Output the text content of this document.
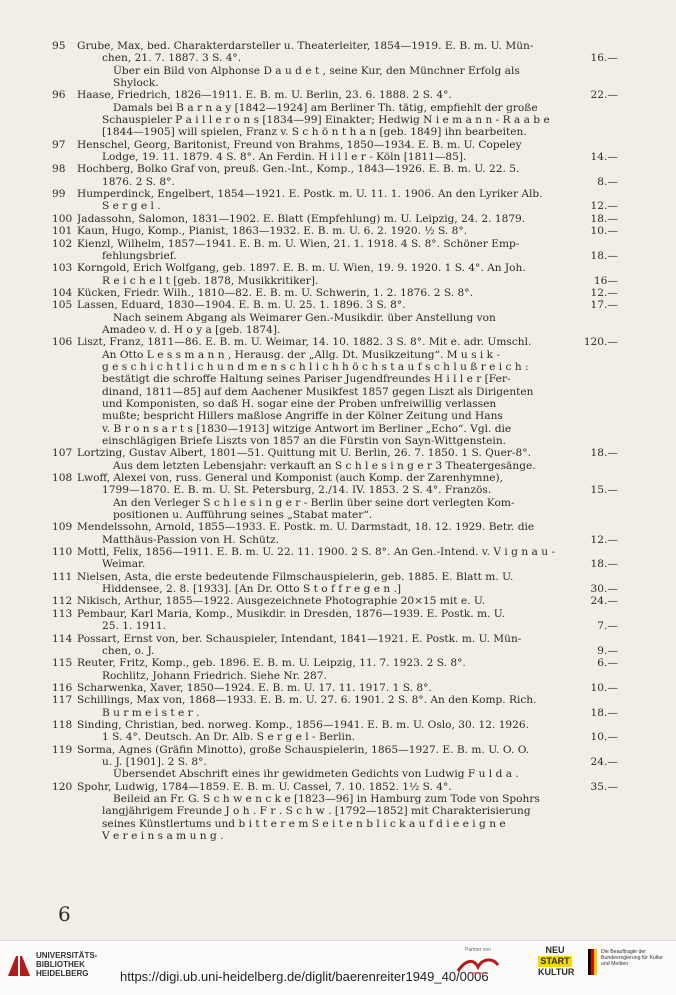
95	Grube, Max, bed. Charakterdarsteller u. Theaterleiter, 1854—1919. E. B. m. U. Mün-
chen, 21. 7. 1887. 3 S. 4°.	16.—
Über ein Bild von Alphonse D a u d e t , seine Kur, den Münchner Erfolg als
Shylock.
96	Haase, Friedrich, 1826—1911. E. B. m. U. Berlin, 23. 6. 1888. 2 S. 4°.	22.—
Damals bei B a r n a y [1842—1924] am Berliner Th. tätig, empfiehlt der große
Schauspieler P a i l l e r o n s [1834—99] Einakter; Hedwig N i e m a n n - R a a b e
[1844—1905] will spielen, Franz v. S c h ö n t h a n [geb. 1849] ihn bearbeiten.
97	Henschel, Georg, Baritonist, Freund von Brahms, 1850—1934. E. B. m. U. Copeley
Lodge, 19. 11. 1879. 4 S. 8°. An Ferdin. H i l l e r - Köln [1811—85].	14.—
98	Hochberg, Bolko Graf von, preuß. Gen.-Int., Komp., 1843—1926. E. B. m. U. 22. 5.
1876. 2 S. 8°.	8.—
99	Humperdinck, Engelbert, 1854—1921. E. Postk. m. U. 11. 1. 1906. An den Lyriker Alb.
S e r g e l .	12.—
100 Jadassohn, Salomon, 1831—1902. E. Blatt (Empfehlung) m. U. Leipzig, 24. 2. 1879.	18.—
101 Kaun, Hugo, Komp., Pianist, 1863—1932. E. B. m. U. 6. 2. 1920. ½ S. 8°.	10.—
102 Kienzl, Wilhelm, 1857—1941. E. B. m. U. Wien, 21. 1. 1918. 4 S. 8°. Schöner Emp-
fehlungsbrief.	18.—
103 Korngold, Erich Wolfgang, geb. 1897. E. B. m. U. Wien, 19. 9. 1920. 1 S. 4°. An Joh.
R e i c h e l t [geb. 1878, Musikkritiker].	16—
104 Kücken, Friedr. Wilh., 1810—82. E. B. m. U. Schwerin, 1. 2. 1876. 2 S. 8°.	12.—
105 Lassen, Eduard, 1830—1904. E. B. m. U. 25. 1. 1896. 3 S. 8°.	17.—
Nach seinem Abgang als Weimarer Gen.-Musikdir. über Anstellung von
Amadeo v. d. H o y a [geb. 1874].
106 Liszt, Franz, 1811—86. E. B. m. U. Weimar, 14. 10. 1882. 3 S. 8°. Mit e. adr. Umschl.	120.—
An Otto L e s s m a n n , Herausg. der „Allg. Dt. Musikzeitung“. M u s i k -
g e s c h i c h t l i c h u n d m e n s c h l i c h h ö c h s t a u f s c h l u ß r e i c h :
bestätigt die schroffe Haltung seines Pariser Jugendfreundes H i l l e r [Fer-
dinand, 1811—85] auf dem Aachener Musikfest 1857 gegen Liszt als Dirigenten
und Komponisten, so daß H. sogar eine der Proben unfreiwillig verlassen
mußte; bespricht Hillers maßlose Angriffe in der Kölner Zeitung und Hans
v. B r o n s a r t s [1830—1913] witzige Antwort im Berliner „Echo“. Vgl. die
einschlägigen Briefe Liszts von 1857 an die Fürstin von Sayn-Wittgenstein.
107 Lortzing, Gustav Albert, 1801—51. Quittung mit U. Berlin, 26. 7. 1850. 1 S. Quer-8°.	18.—
Aus dem letzten Lebensjahr: verkauft an S c h l e s i n g e r 3 Theatergesänge.
108 Lwoff, Alexei von, russ. General und Komponist (auch Komp. der Zarenhymne),
1799—1870. E. B. m. U. St. Petersburg, 2./14. IV. 1853. 2 S. 4°. Französ.	15.—
An den Verleger S c h l e s i n g e r - Berlin über seine dort verlegten Kom-
positionen u. Aufführung seines „Stabat mater“.
109 Mendelssohn, Arnold, 1855—1933. E. Postk. m. U. Darmstadt, 18. 12. 1929. Betr. die
Matthäus-Passion von H. Schütz.	12.—
110 Mottl, Felix, 1856—1911. E. B. m. U. 22. 11. 1900. 2 S. 8°. An Gen.-Intend. v. V i g n a u -
Weimar.	18.—
111 Nielsen, Asta, die erste bedeutende Filmschauspielerin, geb. 1885. E. Blatt m. U.
Hiddensee, 2. 8. [1933]. [An Dr. Otto S t o f f r e g e n .]	30.—
112 Nikisch, Arthur, 1855—1922. Ausgezeichnete Photographie 20×15 mit e. U.	24.—
113 Pembaur, Karl Maria, Komp., Musikdir. in Dresden, 1876—1939. E. Postk. m. U.
25. 1. 1911.	7.—
114 Possart, Ernst von, ber. Schauspieler, Intendant, 1841—1921. E. Postk. m. U. Mün-
chen, o. J.	9.—
115 Reuter, Fritz, Komp., geb. 1896. E. B. m. U. Leipzig, 11. 7. 1923. 2 S. 8°.	6.—
Rochlitz, Johann Friedrich. Siehe Nr. 287.
116 Scharwenka, Xaver, 1850—1924. E. B. m. U. 17. 11. 1917. 1 S. 8°.	10.—
117 Schillings, Max von, 1868—1933. E. B. m. U. 27. 6. 1901. 2 S. 8°. An den Komp. Rich.
B u r m e i s t e r .	18.—
118 Sinding, Christian, bed. norweg. Komp., 1856—1941. E. B. m. U. Oslo, 30. 12. 1926.
1 S. 4°. Deutsch. An Dr. Alb. S e r g e l - Berlin.	10.—
119 Sorma, Agnes (Gräfin Minotto), große Schauspielerin, 1865—1927. E. B. m. U. O. O.
u. J. [1901]. 2 S. 8°.	24.—
Übersendet Abschrift eines ihr gewidmeten Gedichts von Ludwig F u l d a .
120 Spohr, Ludwig, 1784—1859. E. B. m. U. Cassel, 7. 10. 1852. 1½ S. 4°.	35.—
Beileid an Fr. G. S c h w e n c k e [1823—96] in Hamburg zum Tode von Spohrs
langjährigem Freunde J o h . F r . S c h w . [1792—1852] mit Charakterisierung
seines Künstlertums und b i t t e r e m S e i t e n b l i c k a u f d i e e i g n e
V e r e i n s a m u n g .
6
UNIVERSITÄTS-
BIBLIOTHEK
HEIDELBERG	https://digi.ub.uni-heidelberg.de/diglit/baerenreiter1949_40/0006
Partner von	NEU
START
KULTUR
Die Beauftragte der Bundesregierung für Kultur und Medien
